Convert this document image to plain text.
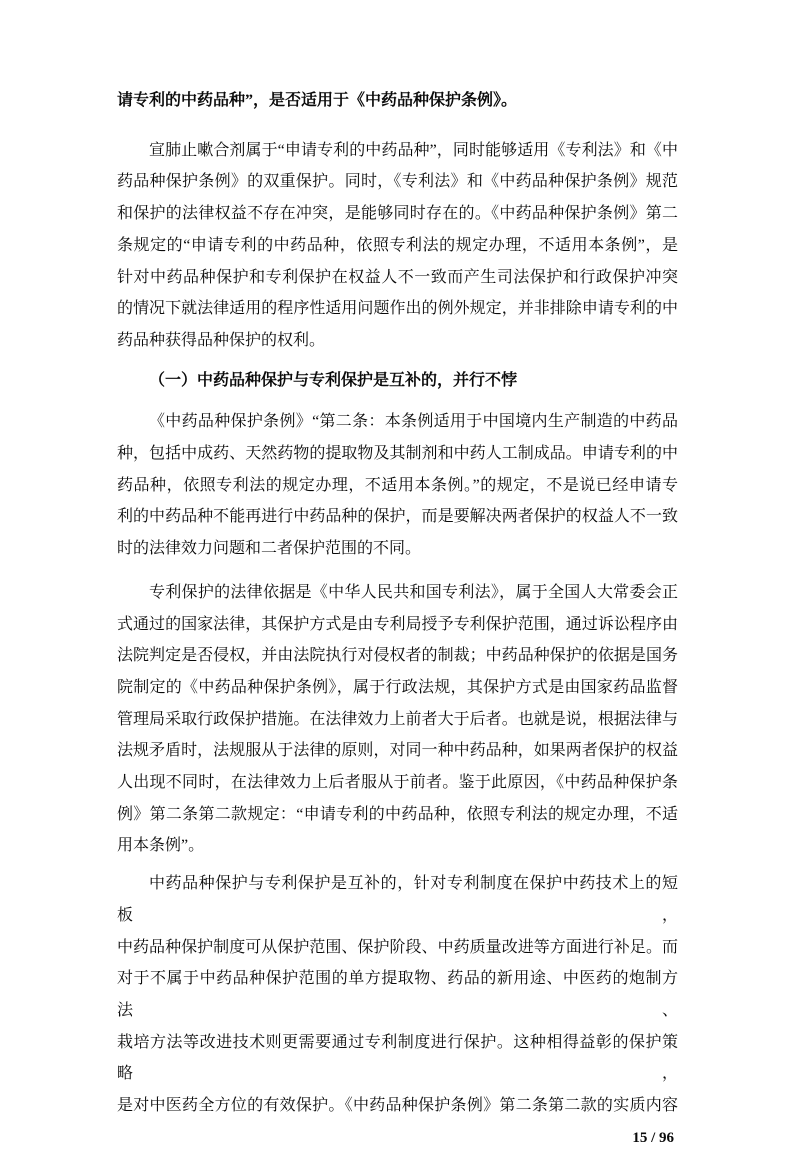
请专利的中药品种”，是否适用于《中药品种保护条例》。
宣肺止嗽合剂属于“申请专利的中药品种”，同时能够适用《专利法》和《中
药品种保护条例》的双重保护。同时，《专利法》和《中药品种保护条例》规范
和保护的法律权益不存在冲突，是能够同时存在的。《中药品种保护条例》第二
条规定的“申请专利的中药品种，依照专利法的规定办理，不适用本条例”，是
针对中药品种保护和专利保护在权益人不一致而产生司法保护和行政保护冲突
的情况下就法律适用的程序性适用问题作出的例外规定，并非排除申请专利的中
药品种获得品种保护的权利。
（一）中药品种保护与专利保护是互补的，并行不悖
《中药品种保护条例》“第二条：本条例适用于中国境内生产制造的中药品
种，包括中成药、天然药物的提取物及其制剂和中药人工制成品。申请专利的中
药品种，依照专利法的规定办理，不适用本条例。”的规定，不是说已经申请专
利的中药品种不能再进行中药品种的保护，而是要解决两者保护的权益人不一致
时的法律效力问题和二者保护范围的不同。
专利保护的法律依据是《中华人民共和国专利法》，属于全国人大常委会正
式通过的国家法律，其保护方式是由专利局授予专利保护范围，通过诉讼程序由
法院判定是否侵权，并由法院执行对侵权者的制裁；中药品种保护的依据是国务
院制定的《中药品种保护条例》，属于行政法规，其保护方式是由国家药品监督
管理局采取行政保护措施。在法律效力上前者大于后者。也就是说，根据法律与
法规矛盾时，法规服从于法律的原则，对同一种中药品种，如果两者保护的权益
人出现不同时，在法律效力上后者服从于前者。鉴于此原因，《中药品种保护条
例》第二条第二款规定：“申请专利的中药品种，依照专利法的规定办理，不适
用本条例”。
中药品种保护与专利保护是互补的，针对专利制度在保护中药技术上的短板，
中药品种保护制度可从保护范围、保护阶段、中药质量改进等方面进行补足。而
对于不属于中药品种保护范围的单方提取物、药品的新用途、中医药的炮制方法、
栽培方法等改进技术则更需要通过专利制度进行保护。这种相得益彰的保护策略，
是对中医药全方位的有效保护。《中药品种保护条例》第二条第二款的实质内容
15 / 96
